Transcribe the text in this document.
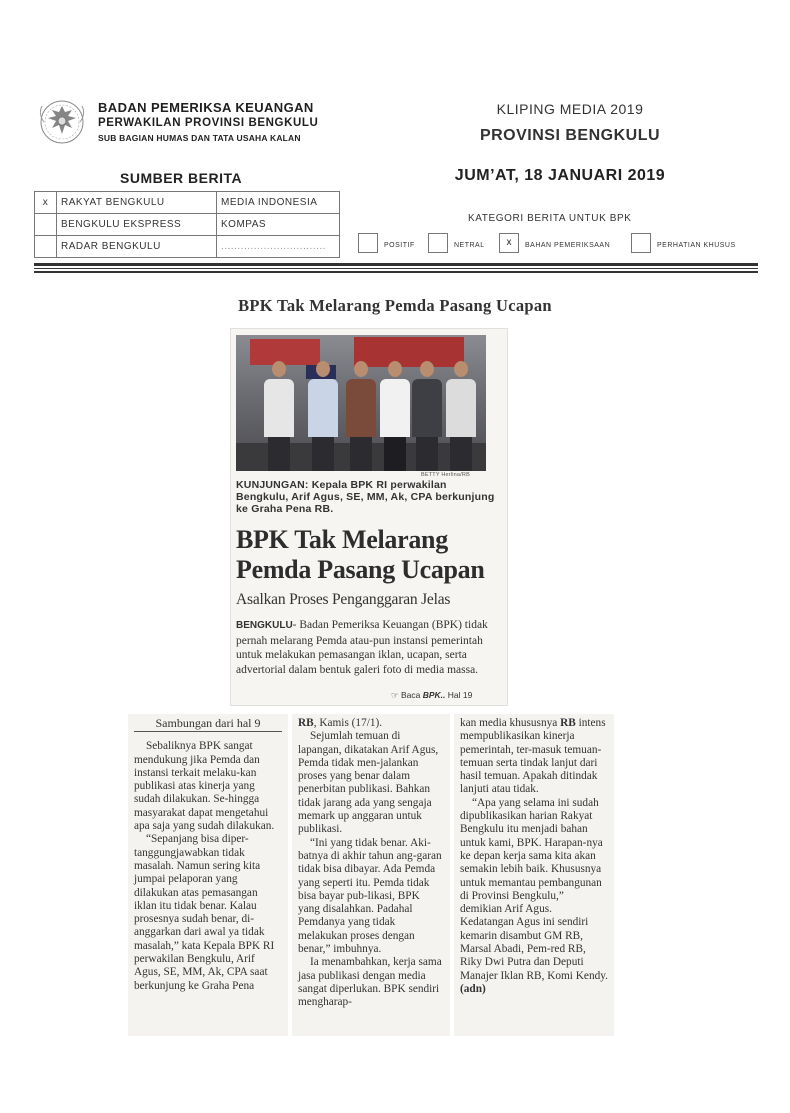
BADAN PEMERIKSA KEUANGAN
PERWAKILAN PROVINSI BENGKULU
SUB BAGIAN HUMAS DAN TATA USAHA KALAN
KLIPING MEDIA 2019
PROVINSI BENGKULU
JUM’AT, 18 JANUARI 2019
SUMBER BERITA
x	RAKYAT BENGKULU	MEDIA INDONESIA
	BENGKULU EKSPRESS	KOMPAS
	RADAR BENGKULU	................................
KATEGORI BERITA UNTUK BPK
POSITIF	NETRAL	x	BAHAN PEMERIKSAAN	PERHATIAN KHUSUS
BPK Tak Melarang Pemda Pasang Ucapan
BETTY Herlina/RB
KUNJUNGAN: Kepala BPK RI perwakilan Bengkulu, Arif Agus, SE, MM, Ak, CPA berkunjung ke Graha Pena RB.
BPK Tak Melarang
Pemda Pasang Ucapan
Asalkan Proses Penganggaran Jelas
BENGKULU- Badan Pemeriksa Keuangan (BPK) tidak pernah melarang Pemda atau-pun instansi pemerintah untuk melakukan pemasangan iklan, ucapan, serta advertorial dalam bentuk galeri foto di media massa.
☞ Baca BPK.. Hal 19
Sambungan dari hal 9

Sebaliknya BPK sangat mendukung jika Pemda dan instansi terkait melaku-kan publikasi atas kinerja yang sudah dilakukan. Se-hingga masyarakat dapat mengetahui apa saja yang sudah dilakukan.

“Sepanjang bisa diper-tanggungjawabkan tidak masalah. Namun sering kita jumpai pelaporan yang dilakukan atas pemasangan iklan itu tidak benar. Kalau prosesnya sudah benar, di-anggarkan dari awal ya tidak masalah,” kata Kepala BPK RI perwakilan Bengkulu, Arif Agus, SE, MM, Ak, CPA saat berkunjung ke Graha Pena

RB, Kamis (17/1).

Sejumlah temuan di lapangan, dikatakan Arif Agus, Pemda tidak men-jalankan proses yang benar dalam penerbitan publikasi. Bahkan tidak jarang ada yang sengaja memark up anggaran untuk publikasi.

“Ini yang tidak benar. Aki-batnya di akhir tahun ang-garan tidak bisa dibayar. Ada Pemda yang seperti itu. Pemda tidak bisa bayar pub-likasi, BPK yang disalahkan. Padahal Pemdanya yang tidak melakukan proses dengan benar,” imbuhnya.

Ia menambahkan, kerja sama jasa publikasi dengan media sangat diperlukan. BPK sendiri mengharap-

kan media khususnya RB intens mempublikasikan kinerja pemerintah, ter-masuk temuan-temuan serta tindak lanjut dari hasil temuan. Apakah ditindak lanjuti atau tidak.

“Apa yang selama ini sudah dipublikasikan harian Rakyat Bengkulu itu menjadi bahan untuk kami, BPK. Harapan-nya ke depan kerja sama kita akan semakin lebih baik. Khususnya untuk memantau pembangunan di Provinsi Bengkulu,” demikian Arif Agus. Kedatangan Agus ini sendiri kemarin disambut GM RB, Marsal Abadi, Pem-red RB, Riky Dwi Putra dan Deputi Manajer Iklan RB, Komi Kendy.(adn)
